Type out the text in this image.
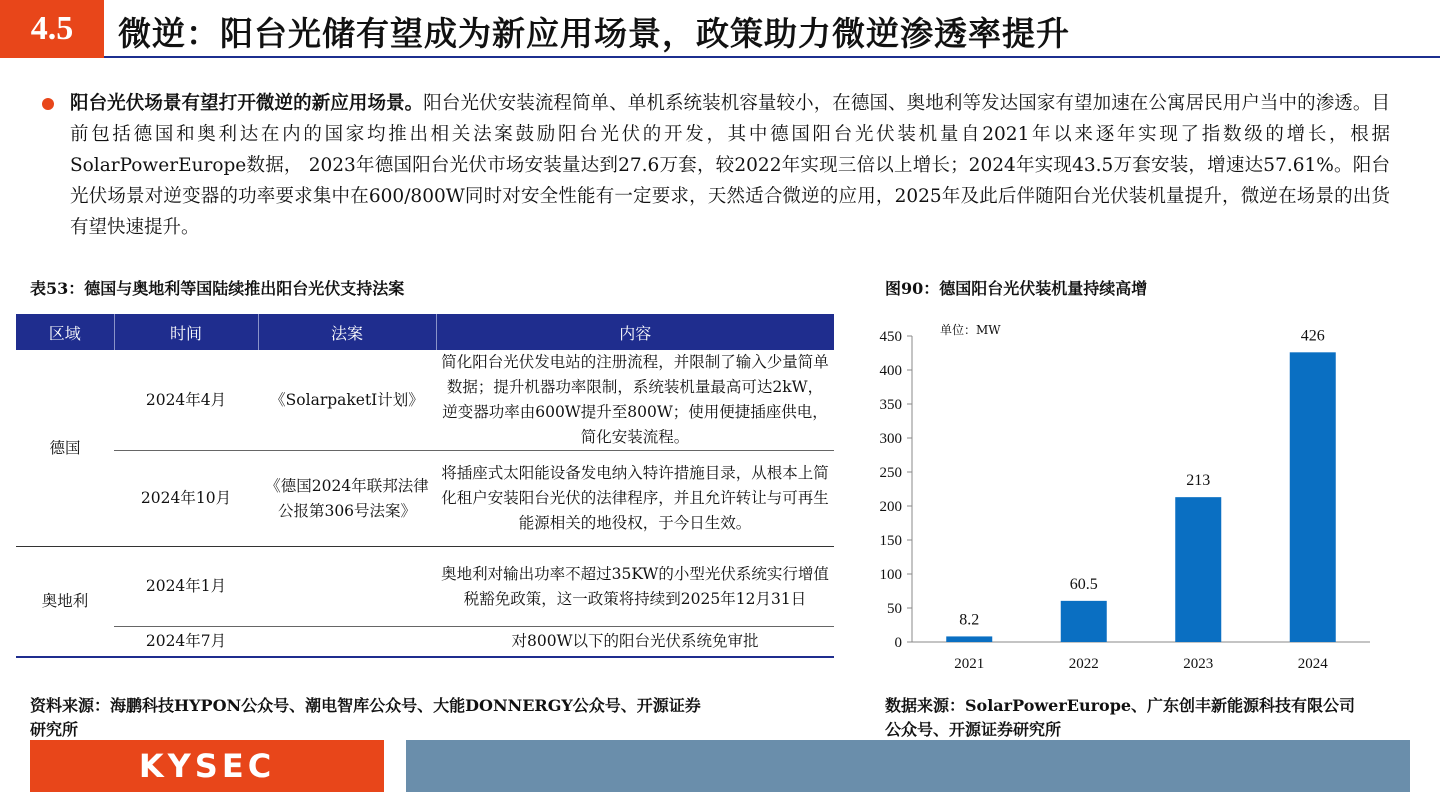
4.5	微逆：阳台光储有望成为新应用场景，政策助力微逆渗透率提升

阳台光伏场景有望打开微逆的新应用场景。阳台光伏安装流程简单、单机系统装机容量较小，在德国、奥地利等发达国家有望加速在公寓居民用户当中的渗透。目前包括德国和奥利达在内的国家均推出相关法案鼓励阳台光伏的开发，其中德国阳台光伏装机量自2021年以来逐年实现了指数级的增长，根据SolarPowerEurope数据， 2023年德国阳台光伏市场安装量达到27.6万套，较2022年实现三倍以上增长；2024年实现43.5万套安装，增速达57.61%。阳台光伏场景对逆变器的功率要求集中在600/800W同时对安全性能有一定要求，天然适合微逆的应用，2025年及此后伴随阳台光伏装机量提升，微逆在场景的出货有望快速提升。

表53：德国与奥地利等国陆续推出阳台光伏支持法案
区域	时间	法案	内容
德国	2024年4月	《SolarpaketI计划》	简化阳台光伏发电站的注册流程，并限制了输入少量简单数据；提升机器功率限制，系统装机量最高可达2kW，逆变器功率由600W提升至800W；使用便捷插座供电，简化安装流程。
	2024年10月	《德国2024年联邦法律公报第306号法案》	将插座式太阳能设备发电纳入特许措施目录，从根本上简化租户安装阳台光伏的法律程序，并且允许转让与可再生能源相关的地役权，于今日生效。
奥地利	2024年1月		奥地利对输出功率不超过35KW的小型光伏系统实行增值税豁免政策，这一政策将持续到2025年12月31日
	2024年7月		对800W以下的阳台光伏系统免审批
资料来源：海鹏科技HYPON公众号、潮电智库公众号、大能DONNERGY公众号、开源证券研究所
图90：德国阳台光伏装机量持续高增
0
50
100
150
200
250
300
350
400
450	单位：MW
8.2
2021
60.5
2022
213
2023
426
2024
数据来源：SolarPowerEurope、广东创丰新能源科技有限公司公众号、开源证券研究所
KYSEC
